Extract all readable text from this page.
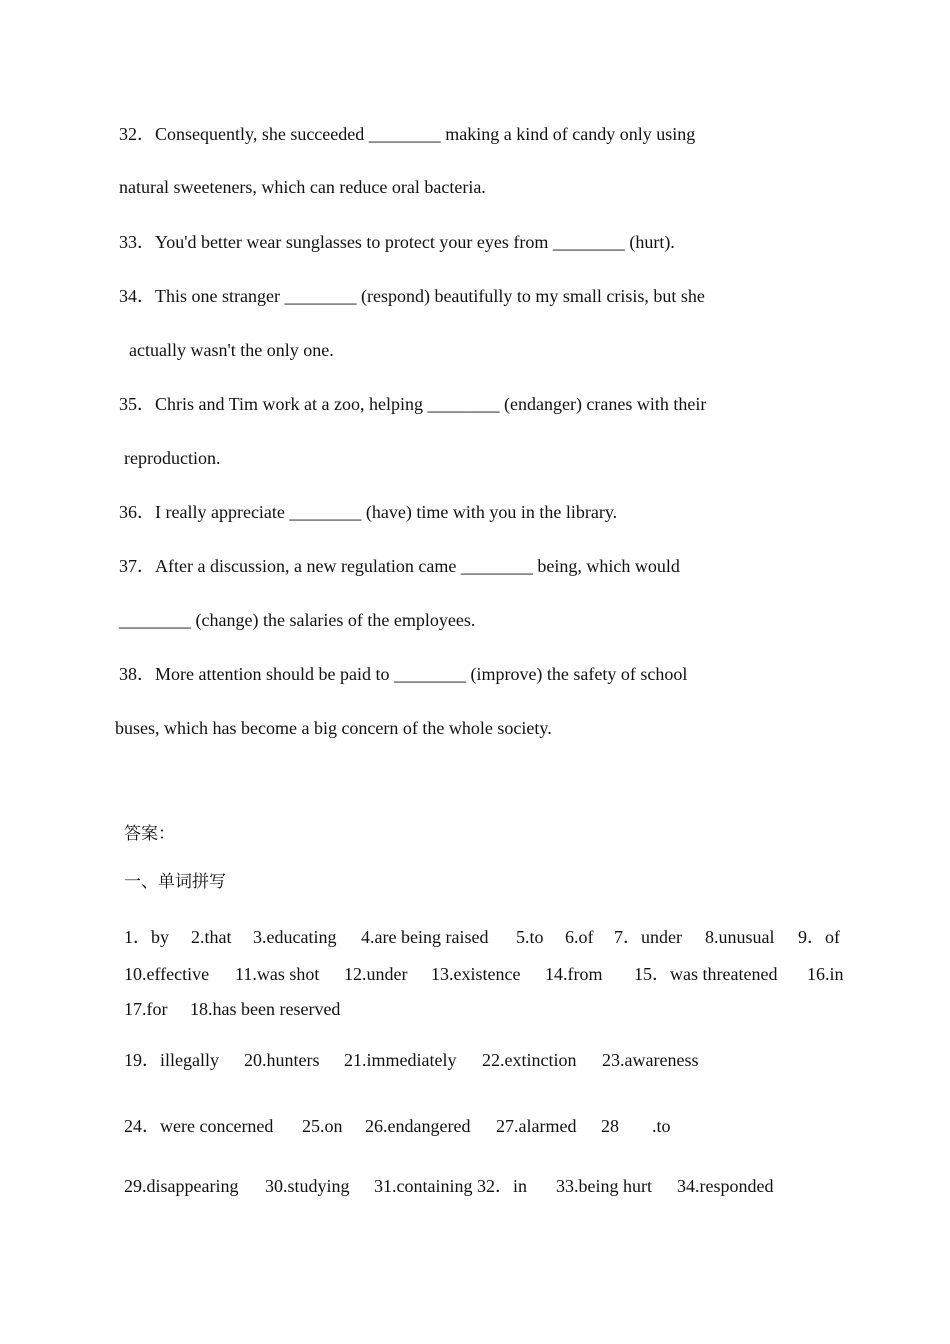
32．Consequently, she succeeded ________ making a kind of candy only using
natural sweeteners, which can reduce oral bacteria.
33．You'd better wear sunglasses to protect your eyes from ________ (hurt).
34．This one stranger ________ (respond) beautifully to my small crisis, but she
actually wasn't the only one.
35．Chris and Tim work at a zoo, helping ________ (endanger) cranes with their
reproduction.
36．I really appreciate ________ (have) time with you in the library.
37．After a discussion, a new regulation came ________ being, which would
________ (change) the salaries of the employees.
38．More attention should be paid to ________ (improve) the safety of school
buses, which has become a big concern of the whole society.
答案：
一、单词拼写
1．by 2.that 3.educating 4.are being raised 5.to 6.of 7．under 8.unusual 9．of
10.effective 11.was shot 12.under 13.existence 14.from 15．was threatened 16.in
17.for 18.has been reserved
19．illegally 20.hunters 21.immediately 22.extinction 23.awareness
24．were concerned 25.on 26.endangered 27.alarmed 28 .to
29.disappearing 30.studying 31.containing 32．in 33.being hurt 34.responded
